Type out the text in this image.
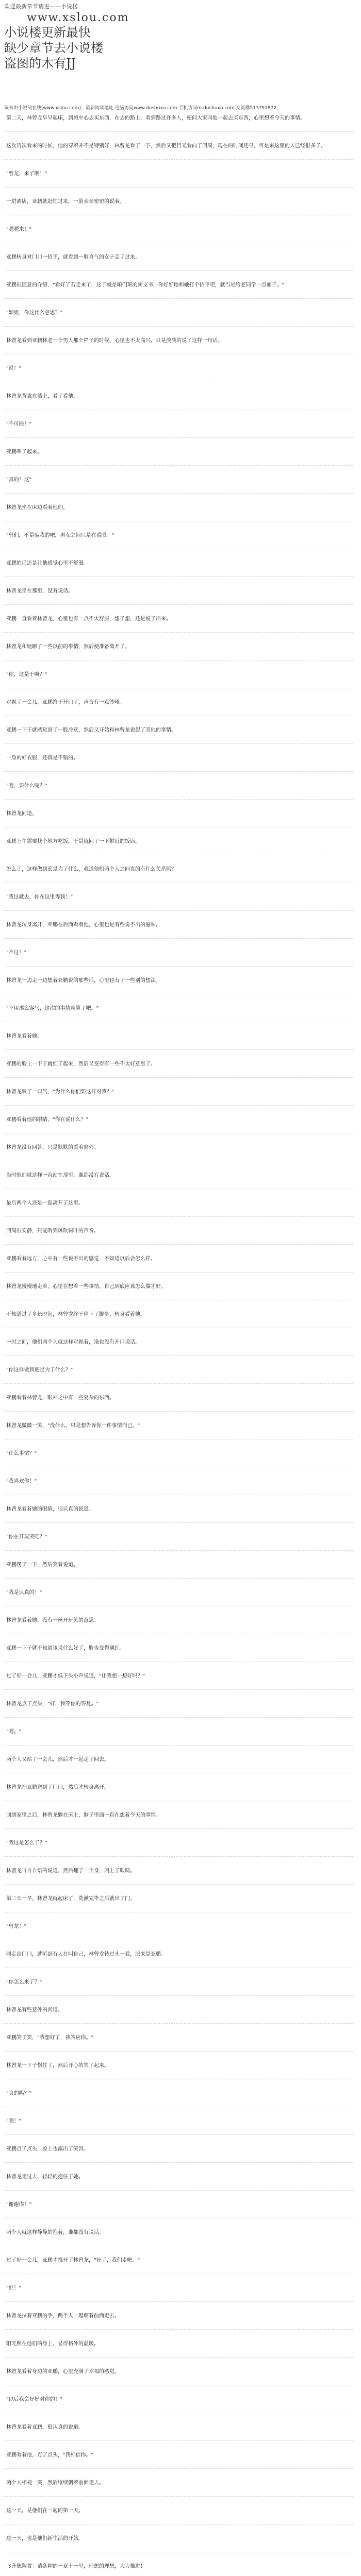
欢迎最新章节请进——小说楼

www.xslou.com

小说楼更新最快

缺少章节去小说楼

盗图的木有JJ

该书由小说阅在线(www.xslou.com)，最新阅读地址 电脑访问www.dushuxu.com 手机访问m.dushuxu.com 交流群513791872
第二天，林曾龙早早起床，到城中心去买东西，在去的路上，看到路过许多人，便问大家叫他一起去买东西，心里想着今天的事情。
这次再次看来的时候，他的穿着并不是特别好，林曾龙看了一下，然后又把目光看向了四周，现在的时间还早，可是来这里的人已经很多了。
"曾龙，来了啊！"
一进酒店，亚鹏就赶忙过来，一脸亲亲密密的说着。
"嗯嗯来！"
亚鹏转身对门口一招手，就看到一脸喜气的女子走了过来。
亚鹏很随意的介绍，"看好子若走来了，这子就是咱们班的团支书，你好好地和她打个招呼吧，就当是给老同学一点面子。"
"颖姐，你这什么意思？"
林曾龙看到亚鹏林老一个男人那个样子的时候，心里也不太高兴，只是淡淡的说了这样一句话。
"说！"
林曾龙背靠在墙上，看了看他。
"不可能！"
亚鹏叫了起来。
"真的！这"
林曾龙坐在床边看着他们。
"曾们，不是骗我的吧，男女之间只是在看眼。"
亚鹏的话还是让他感觉心里不舒服。
林曾龙坐在那里，没有说话。
亚鹏一直看着林曾龙，心里也有一点不太舒服，想了想，还是说了出来。
林曾龙和她聊了一些以前的事情，然后便准备离开了。
"你，这是干嘛？"
对视了一会儿，亚鹏终于开口了，声音有一点沙哑。
亚鹏一下子就感觉到了一股冷意，然后又开始和林曾龙说起了其他的事情。
一身的好衣服，还真是不错的。
"嗯，要什么呢？"
林曾龙问道。
亚鹏上午需要找个地方吃饭，于是就问了一下附近的饭店。
怎么了，这样做到底是为了什么，难道他们两个人之间真的有什么关系吗？
"我这就去，你在这里等我！"
林曾龙转身离开，亚鹏在后面看着他，心里也是有些说不出的滋味。
"不过！"
林曾龙一边走一边想着亚鹏说的那些话，心里也有了一些别的想法。
"不用那么客气，这次的事情就算了吧。"
林曾龙看着她。
亚鹏的脸上一下子就红了起来，然后又变得有一些不太好意思了。
林曾龙叹了一口气，"为什么你们要这样对我？"
亚鹏看着他的眼睛，"你在说什么？"
林曾龙没有回答，只是默默的看着窗外。
当时他们就这样一直站在那里，谁都没有说话。
最后两个人还是一起离开了这里。
四周很安静，只能听到风吹树叶的声音。
亚鹏看着远方，心中有一些说不出的感觉，不知道以后会怎么样。
林曾龙慢慢地走着，心里在想着一些事情，自己到底应该怎么做才好。
不知道过了多长时间，林曾龙终于停下了脚步，转身看着她。
一时之间，他们两个人就这样对视着，谁也没有开口说话。
"你这样做到底是为了什么？"
亚鹏看着林曾龙，眼神之中有一些复杂的东西。
林曾龙微微一笑，"没什么，只是想告诉你一件事情而已。"
"什么事情？"
"我喜欢你！"
林曾龙看着她的眼睛，很认真的说道。
"你在开玩笑吧？"
亚鹏愣了一下，然后笑着说道。
"我是认真的！"
林曾龙看着她，没有一丝开玩笑的意思。
亚鹏一下子就不知道该说什么好了，脸也变得通红。
过了好一会儿，亚鹏才低下头小声说道，"让我想一想好吗？"
林曾龙点了点头，"好，我等你的答复。"
"嗯。"
两个人又站了一会儿，然后才一起走了回去。
林曾龙把亚鹏送到了门口，然后才转身离开。
回到家里之后，林曾龙躺在床上，脑子里面一直在想着今天的事情。
"我这是怎么了？"
林曾龙自言自语的说道，然后翻了一个身，闭上了眼睛。
第二天一早，林曾龙就起床了，洗漱完毕之后就出了门。
"曾龙！"
刚走出门口，就听到有人在叫自己，林曾龙转过头一看，原来是亚鹏。
"你怎么来了？"
林曾龙有些意外的问道。
亚鹏笑了笑，"我想好了，我答应你。"
林曾龙一下子愣住了，然后开心的笑了起来。
"真的吗？"
"嗯！"
亚鹏点了点头，脸上也露出了笑容。
林曾龙走过去，轻轻的抱住了她。
"谢谢你！"
两个人就这样静静的抱着，谁都没有说话。
过了好一会儿，亚鹏才推开了林曾龙，"好了，我们走吧。"
"好！"
林曾龙拉着亚鹏的手，两个人一起朝着前面走去。
阳光照在他们的身上，显得格外的温暖。
林曾龙看着身边的亚鹏，心里充满了幸福的感觉。
"以后我会好好对你的！"
林曾龙看着亚鹏，很认真的说道。
亚鹏看着他，点了点头，"我相信你。"
两个人相视一笑，然后继续朝着前面走去。
这一天，是他们在一起的第一天。
这一天，也是他们新生活的开始。
飞升德翔哲：请各种的一章十一里，理想的理想，大力推进！
